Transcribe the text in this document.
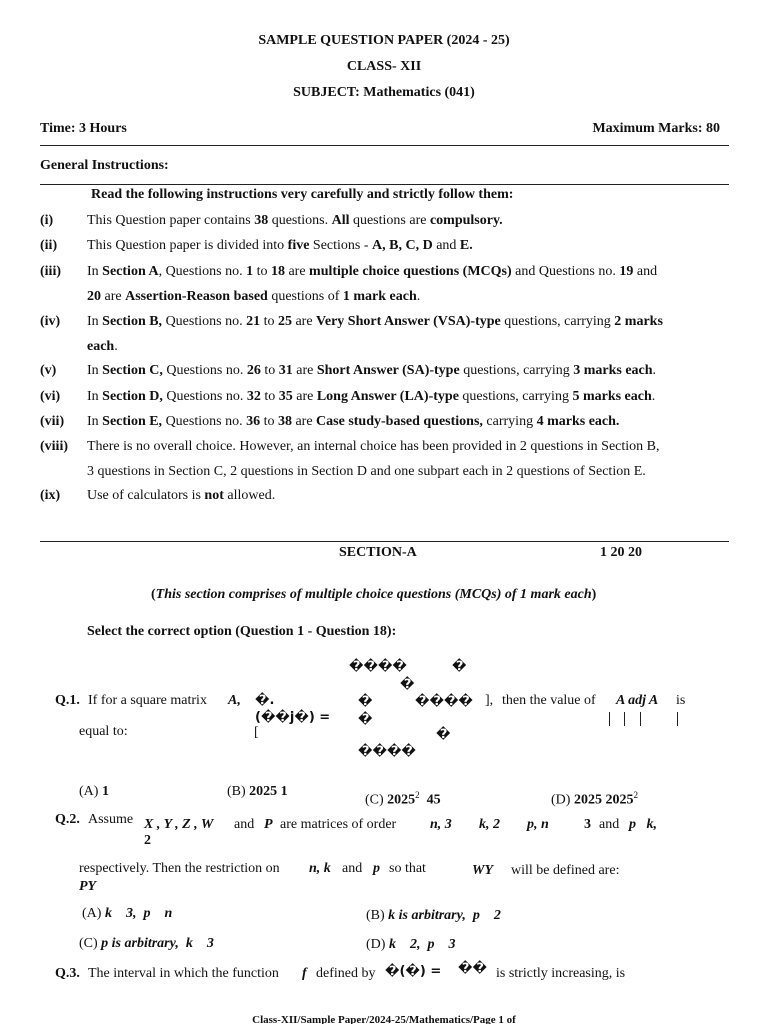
SAMPLE QUESTION PAPER (2024 - 25)
CLASS- XII
SUBJECT: Mathematics (041)
Time: 3 Hours	Maximum Marks: 80
General Instructions:
Read the following instructions very carefully and strictly follow them:
(i) This Question paper contains 38 questions. All questions are compulsory.
(ii) This Question paper is divided into five Sections - A, B, C, D and E.
(iii) In Section A, Questions no. 1 to 18 are multiple choice questions (MCQs) and Questions no. 19 and
20 are Assertion-Reason based questions of 1 mark each.
(iv) In Section B, Questions no. 21 to 25 are Very Short Answer (VSA)-type questions, carrying 2 marks
each.
(v) In Section C, Questions no. 26 to 31 are Short Answer (SA)-type questions, carrying 3 marks each.
(vi) In Section D, Questions no. 32 to 35 are Long Answer (LA)-type questions, carrying 5 marks each.
(vii) In Section E, Questions no. 36 to 38 are Case study-based questions, carrying 4 marks each.
(viii) There is no overall choice. However, an internal choice has been provided in 2 questions in Section B,
3 questions in Section C, 2 questions in Section D and one subpart each in 2 questions of Section E.
(ix) Use of calculators is not allowed.
SECTION-A	1 20 20
(This section comprises of multiple choice questions (MCQs) of 1 mark each)
Select the correct option (Question 1 - Question 18):
Q.1. If for a square matrix A, �.
(��j�) =
[
����	�
�
�	����
�
�
����
], then the value of A adj A is
equal to:
(A) 1	(B) 2025 1
(C) 2025$^2$  45	(D) 2025 2025$^2$
Q.2. Assume X , Y , Z , W and P are matrices of order n, 3 k, 2 p, n	3 and p   k,
2
respectively. Then the restriction on n, k and p so that	WY will be defined are:
PY
(A) k    3,  p    n	(B) k is arbitrary,  p    2
(C) p is arbitrary,  k    3	(D) k    2,  p    3
Q.3. The interval in which the function f defined by �(�) = �� is strictly increasing, is
Class-XII/Sample Paper/2024-25/Mathematics/Page 1 of
